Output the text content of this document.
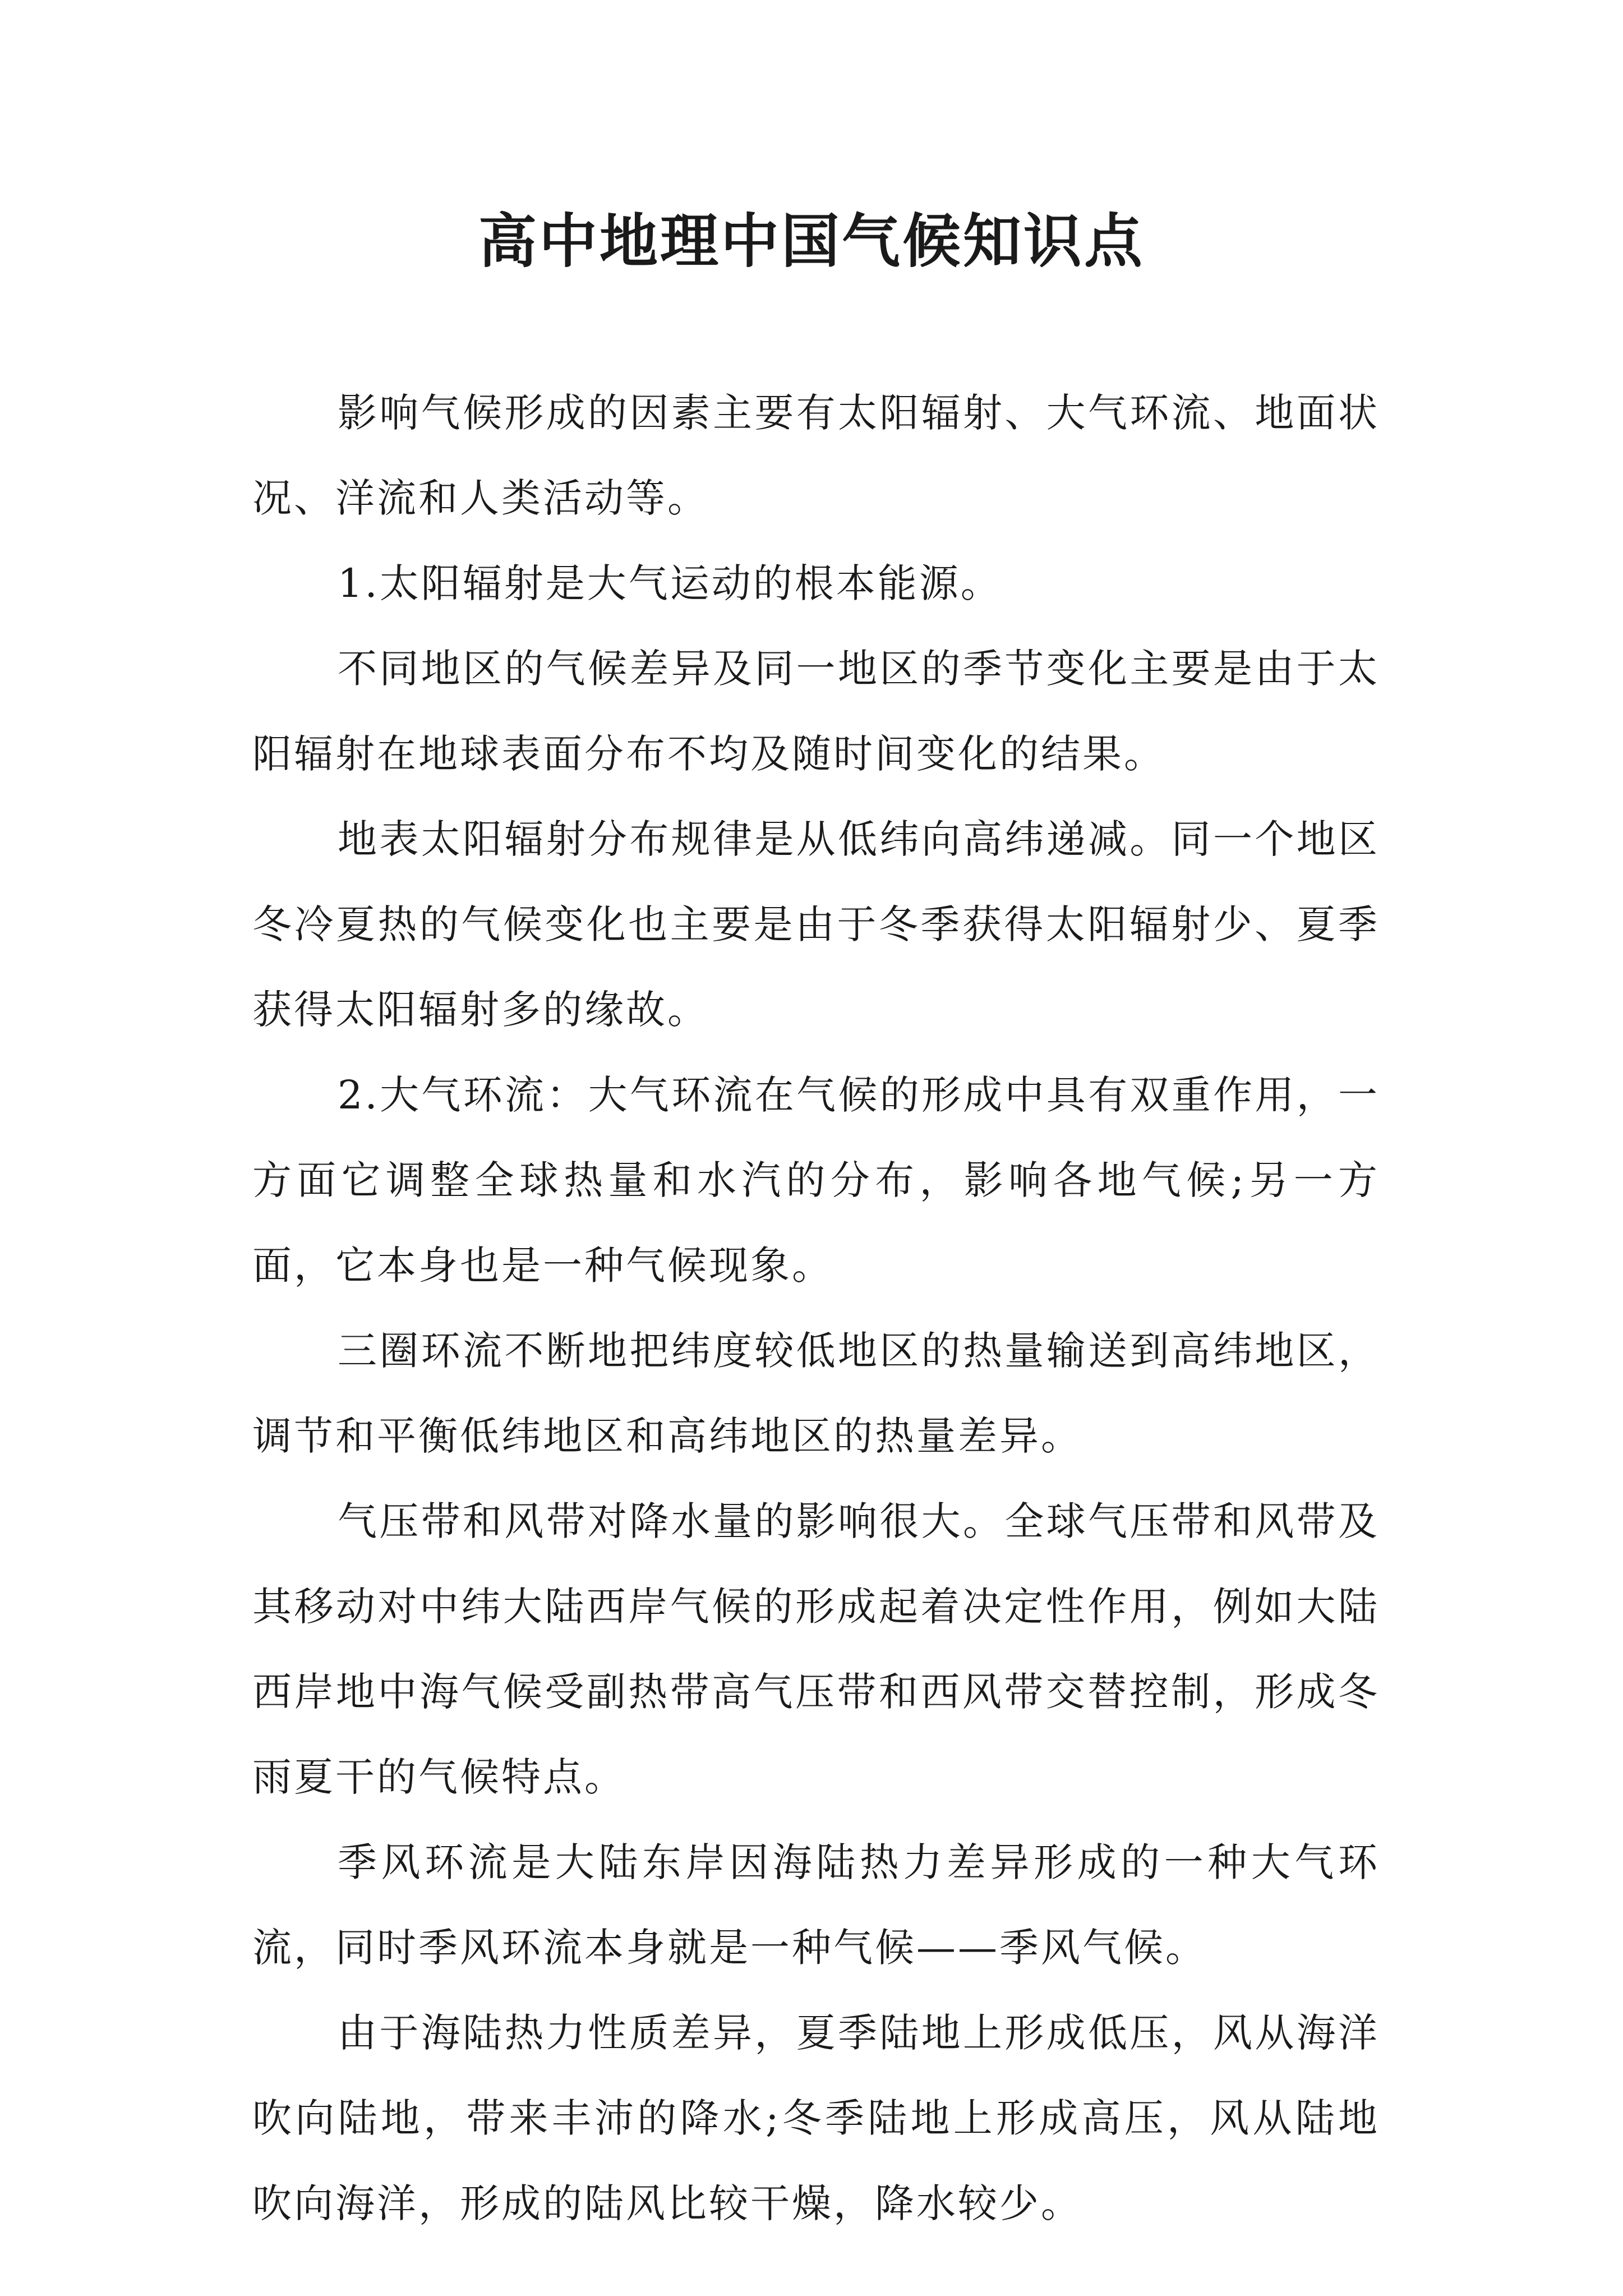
高中地理中国气候知识点

影响气候形成的因素主要有太阳辐射、大气环流、地面状况、洋流和人类活动等。

1.太阳辐射是大气运动的根本能源。

不同地区的气候差异及同一地区的季节变化主要是由于太阳辐射在地球表面分布不均及随时间变化的结果。

地表太阳辐射分布规律是从低纬向高纬递减。同一个地区冬冷夏热的气候变化也主要是由于冬季获得太阳辐射少、夏季获得太阳辐射多的缘故。

2.大气环流：大气环流在气候的形成中具有双重作用，一方面它调整全球热量和水汽的分布，影响各地气候;另一方面，它本身也是一种气候现象。

三圈环流不断地把纬度较低地区的热量输送到高纬地区，调节和平衡低纬地区和高纬地区的热量差异。

气压带和风带对降水量的影响很大。全球气压带和风带及其移动对中纬大陆西岸气候的形成起着决定性作用，例如大陆西岸地中海气候受副热带高气压带和西风带交替控制，形成冬雨夏干的气候特点。

季风环流是大陆东岸因海陆热力差异形成的一种大气环流，同时季风环流本身就是一种气候——季风气候。

由于海陆热力性质差异，夏季陆地上形成低压，风从海洋吹向陆地，带来丰沛的降水;冬季陆地上形成高压，风从陆地吹向海洋，形成的陆风比较干燥，降水较少。
